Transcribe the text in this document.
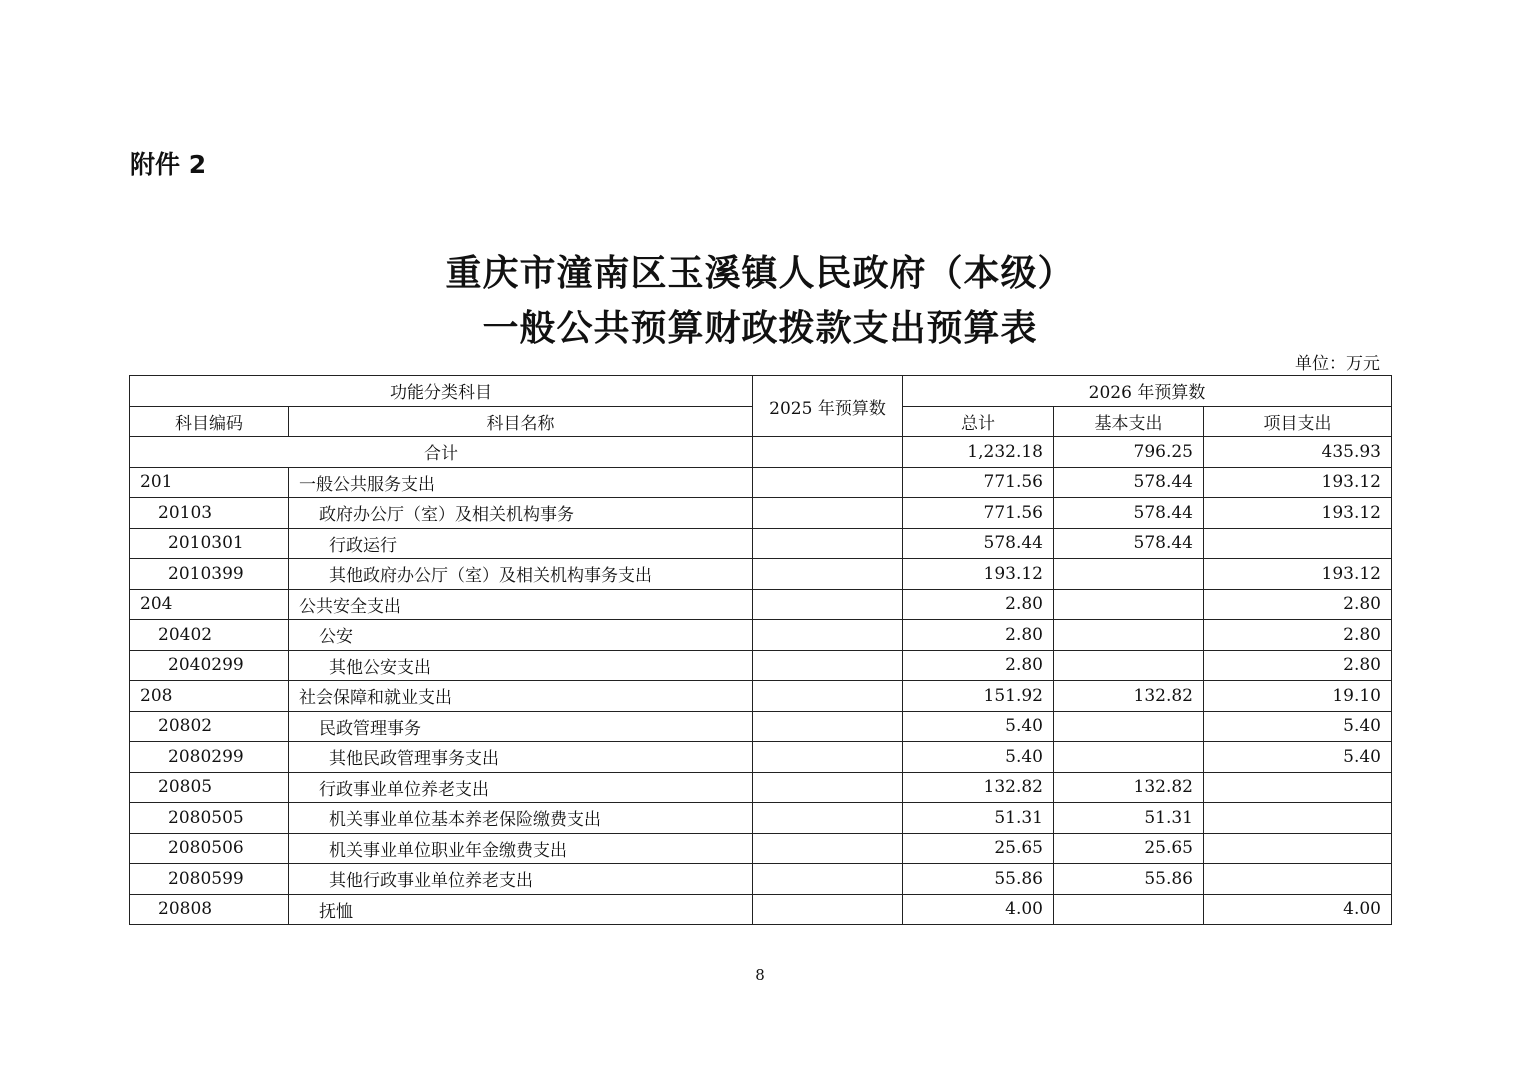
附件 2
重庆市潼南区玉溪镇人民政府（本级）
一般公共预算财政拨款支出预算表
单位：万元
功能分类科目		2025 年预算数	2026 年预算数		
科目编码	科目名称		总计	基本支出	项目支出
合计			1,232.18	796.25	435.93
201	一般公共服务支出		771.56	578.44	193.12
20103	政府办公厅（室）及相关机构事务		771.56	578.44	193.12
2010301	行政运行		578.44	578.44	
2010399	其他政府办公厅（室）及相关机构事务支出		193.12		193.12
204	公共安全支出		2.80		2.80
20402	公安		2.80		2.80
2040299	其他公安支出		2.80		2.80
208	社会保障和就业支出		151.92	132.82	19.10
20802	民政管理事务		5.40		5.40
2080299	其他民政管理事务支出		5.40		5.40
20805	行政事业单位养老支出		132.82	132.82	
2080505	机关事业单位基本养老保险缴费支出		51.31	51.31	
2080506	机关事业单位职业年金缴费支出		25.65	25.65	
2080599	其他行政事业单位养老支出		55.86	55.86	
20808	抚恤		4.00		4.00
8
